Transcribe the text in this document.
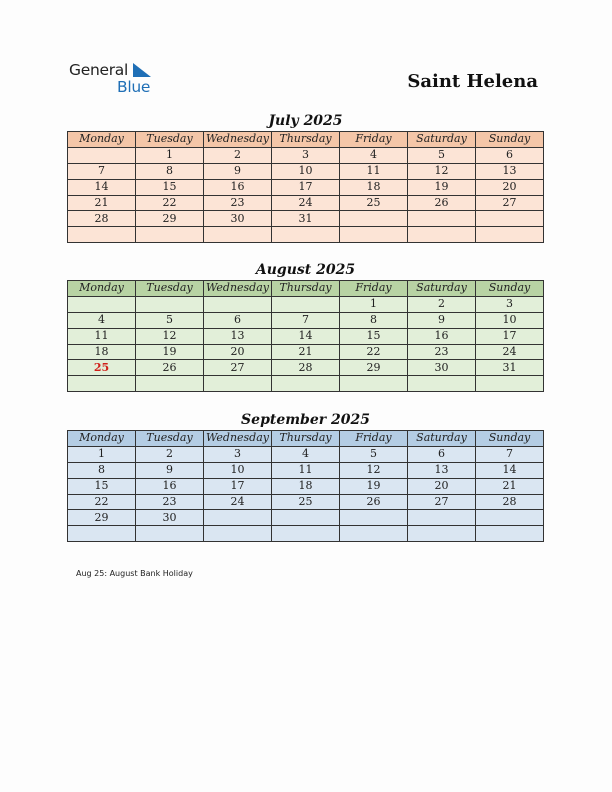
General
Blue	Saint Helena
July 2025
Monday	Tuesday	Wednesday	Thursday	Friday	Saturday	Sunday
	1	2	3	4	5	6
7	8	9	10	11	12	13
14	15	16	17	18	19	20
21	22	23	24	25	26	27
28	29	30	31			

August 2025
Monday	Tuesday	Wednesday	Thursday	Friday	Saturday	Sunday
				1	2	3
4	5	6	7	8	9	10
11	12	13	14	15	16	17
18	19	20	21	22	23	24
25	26	27	28	29	30	31

September 2025
Monday	Tuesday	Wednesday	Thursday	Friday	Saturday	Sunday
1	2	3	4	5	6	7
8	9	10	11	12	13	14
15	16	17	18	19	20	21
22	23	24	25	26	27	28
29	30					

Aug 25: August Bank Holiday
